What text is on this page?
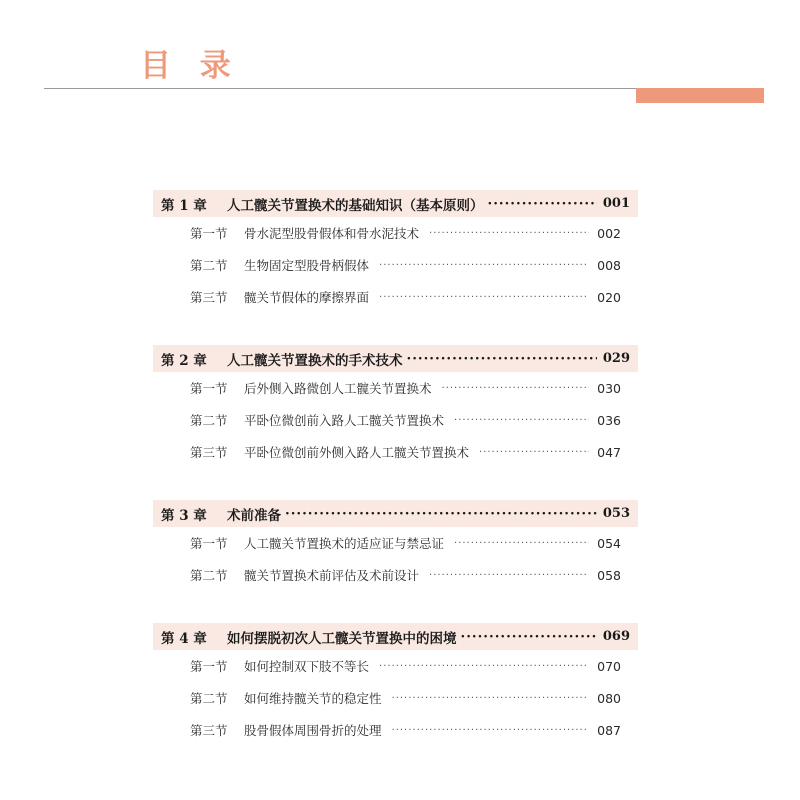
目 录
第 1 章	人工髋关节置换术的基础知识（基本原则） ·····	001
第一节	骨水泥型股骨假体和骨水泥技术 ·····	002
第二节	生物固定型股骨柄假体 ·····	008
第三节	髋关节假体的摩擦界面 ·····	020
第 2 章	人工髋关节置换术的手术技术 ·····	029
第一节	后外侧入路微创人工髋关节置换术 ·····	030
第二节	平卧位微创前入路人工髋关节置换术 ·····	036
第三节	平卧位微创前外侧入路人工髋关节置换术 ·····	047
第 3 章	术前准备 ·····	053
第一节	人工髋关节置换术的适应证与禁忌证 ·····	054
第二节	髋关节置换术前评估及术前设计 ·····	058
第 4 章	如何摆脱初次人工髋关节置换中的困境 ·····	069
第一节	如何控制双下肢不等长 ·····	070
第二节	如何维持髋关节的稳定性 ·····	080
第三节	股骨假体周围骨折的处理 ·····	087
